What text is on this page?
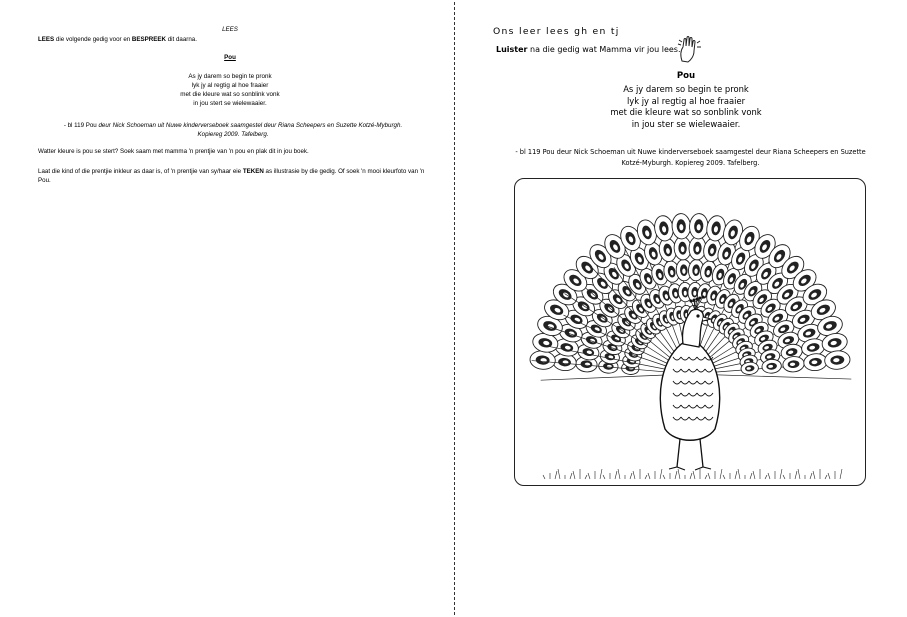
LEES
LEES die volgende gedig voor en BESPREEK dit daarna.
Pou
As jy darem so begin te pronk
lyk jy al regtig al hoe fraaier
met die kleure wat so sonblink vonk
in jou stert se wielewaaier.
- bl 119 Pou deur Nick Schoeman uit Nuwe kinderverseboek saamgestel deur Riana Scheepers en Suzette Kotzé-Myburgh.
Kopiereg 2009. Tafelberg.
Watter kleure is pou se stert? Soek saam met mamma 'n prentjie van 'n pou en plak dit in jou boek.
Laat die kind of die prentjie inkleur as daar is, of 'n prentjie van sy/haar eie TEKEN as illustrasie by die gedig. Of soek 'n mooi kleurfoto van 'n Pou.
Ons leer lees gh en tj
Luister na die gedig wat Mamma vir jou lees.
Pou
As jy darem so begin te pronk
lyk jy al regtig al hoe fraaier
met die kleure wat so sonblink vonk
in jou ster se wielewaaier.
- bl 119 Pou deur Nick Schoeman uit Nuwe kinderverseboek saamgestel deur Riana Scheepers en Suzette
Kotzé-Myburgh. Kopiereg 2009. Tafelberg.
